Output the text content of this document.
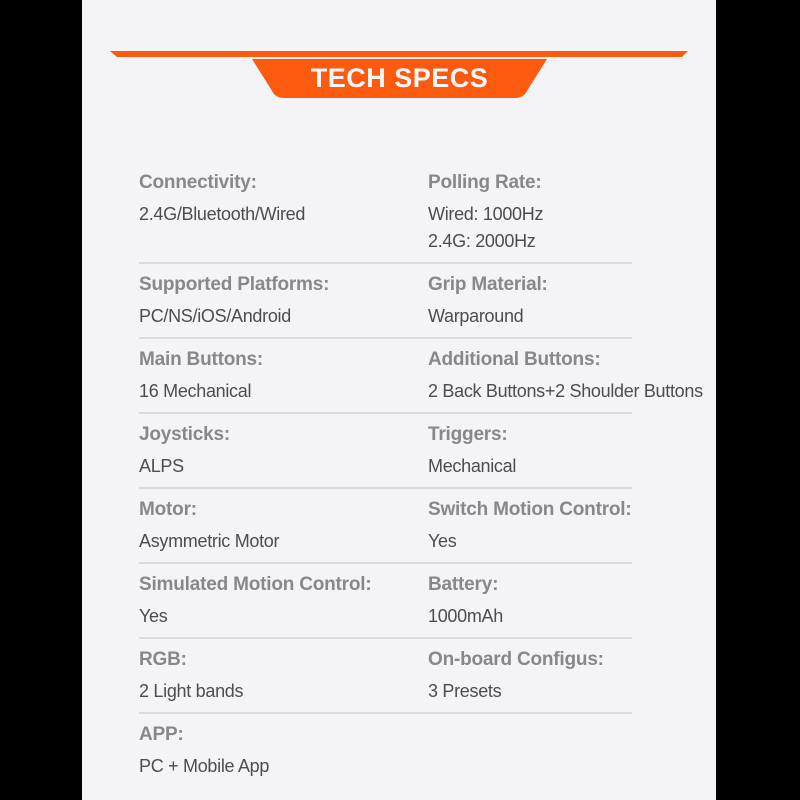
TECH SPECS
Connectivity:
2.4G/Bluetooth/Wired
Polling Rate:
Wired: 1000Hz
2.4G: 2000Hz
Supported Platforms:
PC/NS/iOS/Android
Grip Material:
Warparound
Main Buttons:
16 Mechanical
Additional Buttons:
2 Back Buttons+2 Shoulder Buttons
Joysticks:
ALPS
Triggers:
Mechanical
Motor:
Asymmetric Motor
Switch Motion Control:
Yes
Simulated Motion Control:
Yes
Battery:
1000mAh
RGB:
2 Light bands
On-board Configus:
3 Presets
APP:
PC + Mobile App
